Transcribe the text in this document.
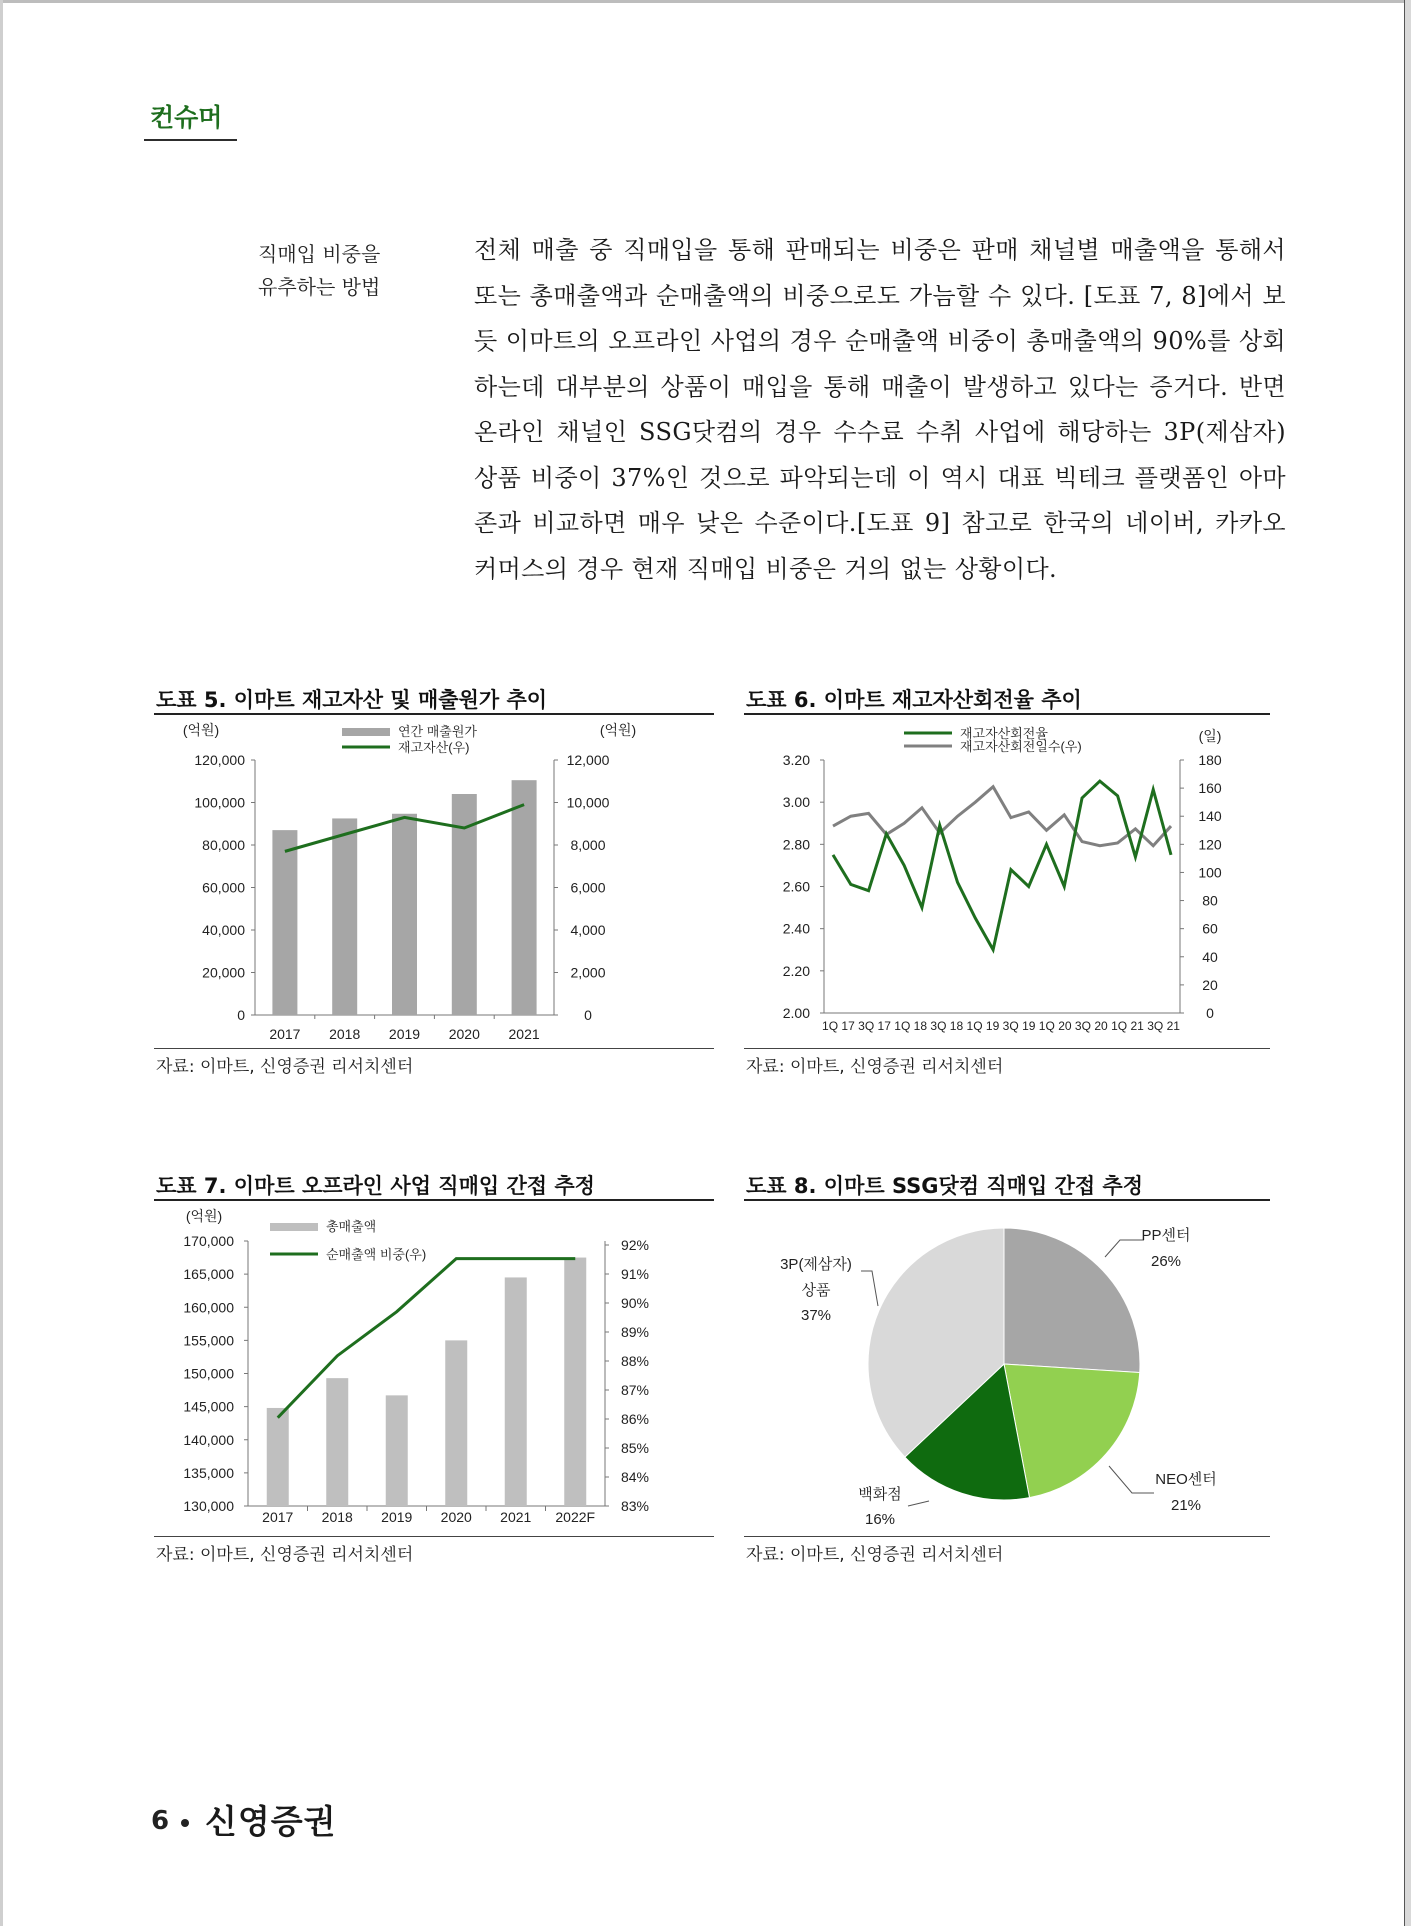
컨슈머
직매입 비중을 유추하는 방법
전체 매출 중 직매입을 통해 판매되는 비중은 판매 채널별 매출액을 통해서 또는 총매출액과 순매출액의 비중으로도 가늠할 수 있다. [도표 7, 8]에서 보듯 이마트의 오프라인 사업의 경우 순매출액 비중이 총매출액의 90%를 상회하는데 대부분의 상품이 매입을 통해 매출이 발생하고 있다는 증거다. 반면 온라인 채널인 SSG닷컴의 경우 수수료 수취 사업에 해당하는 3P(제삼자) 상품 비중이 37%인 것으로 파악되는데 이 역시 대표 빅테크 플랫폼인 아마존과 비교하면 매우 낮은 수준이다.[도표 9] 참고로 한국의 네이버, 카카오 커머스의 경우 현재 직매입 비중은 거의 없는 상황이다.
도표 5. 이마트 재고자산 및 매출원가 추이
120,000
100,000
80,000
60,000
40,000
20,000
0
12,000
10,000
8,000
6,000
4,000
2,000
0
(억원)	(억원)
연간 매출원가
재고자산(우)
2017 2018 2019 2020 2021
자료: 이마트, 신영증권 리서치센터
도표 6. 이마트 재고자산회전율 추이
3.20
3.00
2.80
2.60
2.40
2.20
2.00
180
160
140
120
100
80
60
40
20
0
(일)
재고자산회전율
재고자산회전일수(우)
1Q 17 3Q 17 1Q 18 3Q 18 1Q 19 3Q 19 1Q 20 3Q 20 1Q 21 3Q 21
자료: 이마트, 신영증권 리서치센터
도표 7. 이마트 오프라인 사업 직매입 간접 추정
170,000
165,000
160,000
155,000
150,000
145,000
140,000
135,000
130,000
92%
91%
90%
89%
88%
87%
86%
85%
84%
83%
(억원)
총매출액
순매출액 비중(우)
2017 2018 2019 2020 2021 2022F
자료: 이마트, 신영증권 리서치센터
도표 8. 이마트 SSG닷컴 직매입 간접 추정
PP센터
26%
NEO센터
21%
백화점
16%
3P(제삼자)
상품
37%
자료: 이마트, 신영증권 리서치센터
6 신영증권
